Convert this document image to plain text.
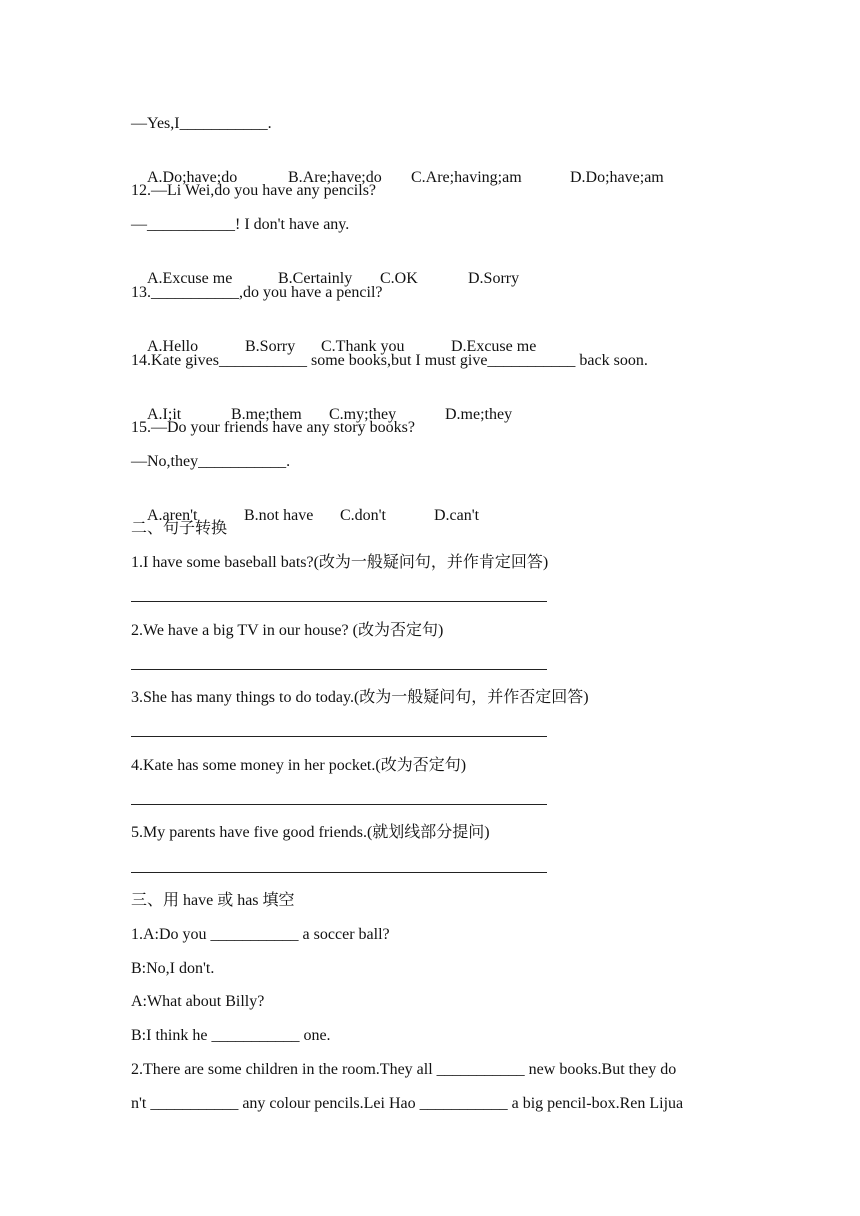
—Yes,I___________.

A.Do;have;do	B.Are;have;do C.Are;having;am	D.Do;have;am

12.—Li Wei,do you have any pencils?
—___________! I don't have any.

A.Excuse me	B.Certainly C.OK	D.Sorry

13.___________,do you have a pencil?

A.Hello	B.Sorry C.Thank you	D.Excuse me

14.Kate gives___________ some books,but I must give___________ back soon.

A.I;it	B.me;them C.my;they	D.me;they

15.—Do your friends have any story books?
—No,they___________.

A.aren't	B.not have C.don't	D.can't

二、句子转换
1.I have some baseball bats?(改为一般疑问句，并作肯定回答)
2.We have a big TV in our house? (改为否定句)
3.She has many things to do today.(改为一般疑问句，并作否定回答)
4.Kate has some money in her pocket.(改为否定句)
5.My parents have five good friends.(就划线部分提问)
三、用 have 或 has 填空
1.A:Do you ___________ a soccer ball?
B:No,I don't.
A:What about Billy?
B:I think he ___________ one.
2.There are some children in the room.They all ___________ new books.But they do
n't ___________ any colour pencils.Lei Hao ___________ a big pencil-box.Ren Lijua
